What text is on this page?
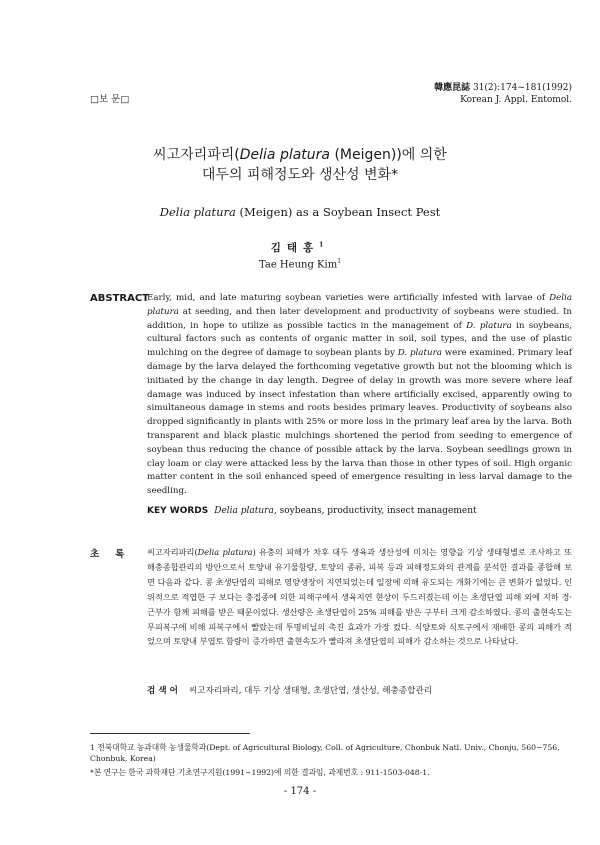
□보 문□
韓應昆誌 31(2):174~181(1992)
Korean J. Appl. Entomol.
씨고자리파리(Delia platura (Meigen))에 의한
대두의 피해정도와 생산성 변화*
Delia platura (Meigen) as a Soybean Insect Pest
김태홍$^1$
Tae Heung Kim$^1$
ABSTRACT
Early, mid, and late maturing soybean varieties were artificially infested with larvae of Delia platura at seeding, and then later development and productivity of soybeans were studied. In addition, in hope to utilize as possible tactics in the management of D. platura in soybeans, cultural factors such as contents of organic matter in soil, soil types, and the use of plastic mulching on the degree of damage to soybean plants by D. platura were examined. Primary leaf damage by the larva delayed the forthcoming vegetative growth but not the blooming which is initiated by the change in day length. Degree of delay in growth was more severe where leaf damage was induced by insect infestation than where artificially excised, apparently owing to simultaneous damage in stems and roots besides primary leaves. Productivity of soybeans also dropped significantly in plants with 25% or more loss in the primary leaf area by the larva. Both transparent and black plastic mulchings shortened the period from seeding to emergence of soybean thus reducing the chance of possible attack by the larva. Soybean seedlings grown in clay loam or clay were attacked less by the larva than those in other types of soil. High organic matter content in the soil enhanced speed of emergence resulting in less larval damage to the seedling.
KEY WORDS Delia platura, soybeans, productivity, insect management
초록 씨고자리파리(Delia platura) 유충의 피해가 차후 대두 생육과 생산성에 미치는 영향을 기상 생태형별로 조사하고 또 해충종합관리의 방안으로서 토양내 유기물함량, 토양의 종류, 피복 등과 피해정도와의 관계를 분석한 결과를 종합해 보면 다음과 같다. 콩 초생단엽의 피해로 영양생장이 지연되었는데 일장에 의해 유도되는 개화기에는 큰 변화가 없었다. 인위적으로 적엽한 구 보다는 충접종에 의한 피해구에서 생육지연 현상이 두드러졌는데 이는 초생단엽 피해 외에 지하 경·근부가 함께 피해를 받은 때문이었다. 생산량은 초생단엽이 25% 피해를 받은 구부터 크게 감소하였다. 콩의 출현속도는 무피복구에 비해 피복구에서 빨랐는데 투명비닐의 촉진 효과가 가장 컸다. 식양토와 식토구에서 재배한 콩의 피해가 적었으며 토양내 부엽토 함량이 증가하면 출현속도가 빨라져 초생단엽의 피해가 감소하는 것으로 나타났다.
검색어 씨고자리파리, 대두 기상 생태형, 초생단엽, 생산성, 해충종합관리
1 전북대학교 농과대학 농생물학과(Dept. of Agricultural Biology, Coll. of Agriculture, Chonbuk Natl. Univ., Chonju, 560~756, Chonbuk, Korea)
*본 연구는 한국 과학재단 기초연구지원(1991~1992)에 의한 결과임, 과제번호 : 911-1503-048-1.
- 174 -
